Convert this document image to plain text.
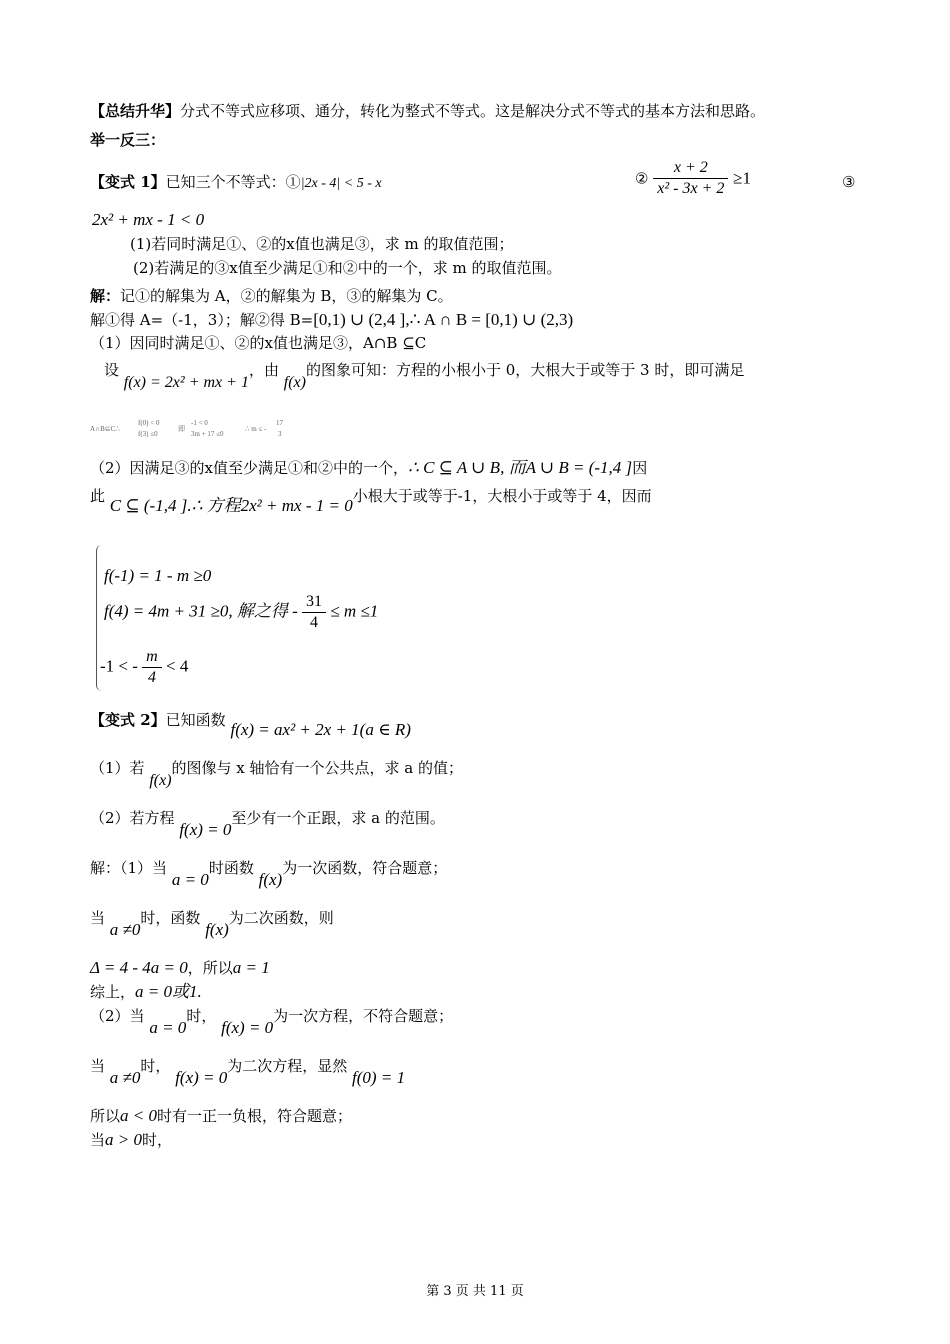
【总结升华】分式不等式应移项、通分，转化为整式不等式。这是解决分式不等式的基本方法和思路。
举一反三：
【变式 1】已知三个不等式：①|2x - 4| < 5 - x	② $\frac{x + 2}{\text{x² - 3x + 2}} \ge 1$	③
2x² + mx - 1 < 0
(1)若同时满足①、②的x值也满足③，求 m 的取值范围；
(2)若满足的③x值至少满足①和②中的一个，求 m 的取值范围。
解：记①的解集为 A，②的解集为 B，③的解集为 C。
解①得 A=（-1，3）；解②得 B=[0,1) ∪ (2,4 ],∴ A ∩ B = [0,1) ∪ (2,3)
（1）因同时满足①、②的x值也满足③，A∩B ⊆C
设 f(x) = 2x² + mx + 1，由 f(x)的图象可知：方程的小根小于 0，大根大于或等于 3 时，即可满足
A∩B⊆C∴
f(0) < 0
f(3) ≤0
即
-1 < 0
3m + 17 ≤0
∴ m ≤ -
17
3
（2）因满足③的x值至少满足①和②中的一个，∴ C ⊆ A ∪ B, 而A ∪ B = (-1,4 ]因
此 C ⊆ (-1,4 ].∴ 方程2x² + mx - 1 = 0小根大于或等于-1，大根小于或等于 4，因而
f(-1) = 1 - m ≥0
f(4) = 4m + 31 ≥0, 解之得 - $\frac{31}{4} \le m \le 1$
-1 < - $\frac{m}{4} < 4$
【变式 2】已知函数 f(x) = ax² + 2x + 1(a ∈ R)
（1）若 f(x)的图像与 x 轴恰有一个公共点，求 a 的值；
（2）若方程 f(x) = 0至少有一个正跟，求 a 的范围。
解：（1）当 a = 0时函数 f(x)为一次函数，符合题意；
当 a ≠0时，函数 f(x)为二次函数，则
Δ = 4 - 4a = 0，所以a = 1
综上，a = 0或1.
（2）当 a = 0时， f(x) = 0为一次方程，不符合题意；
当 a ≠0时， f(x) = 0为二次方程，显然 f(0) = 1
所以a < 0时有一正一负根，符合题意；
当a > 0时，
第 3 页 共 11 页
